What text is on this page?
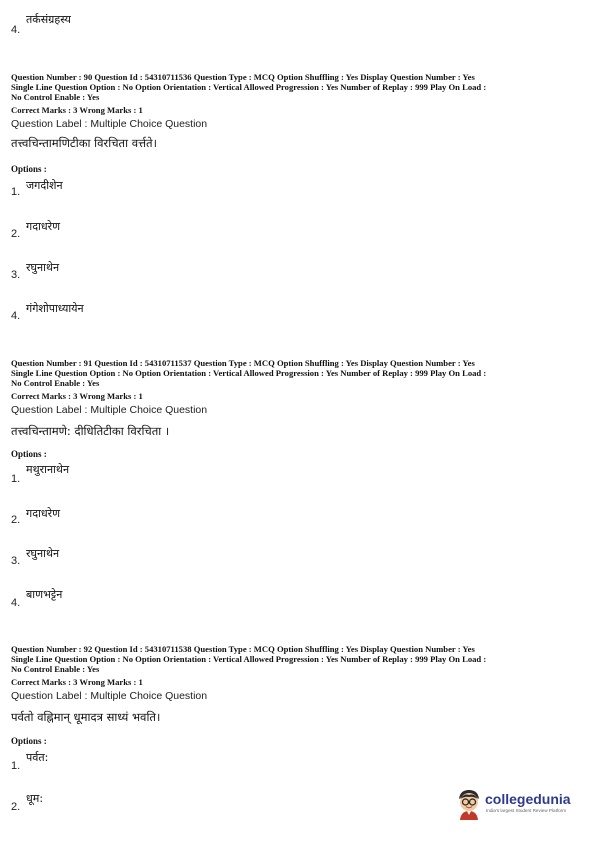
4.
तर्कसंग्रहस्य
Question Number : 90 Question Id : 54310711536 Question Type : MCQ Option Shuffling : Yes Display Question Number : Yes
Single Line Question Option : No Option Orientation : Vertical Allowed Progression : Yes Number of Replay : 999 Play On Load :
No Control Enable : Yes
Correct Marks : 3 Wrong Marks : 1
Question Label : Multiple Choice Question
तत्त्वचिन्तामणिटीका विरचिता वर्त्तते।
Options :
1. जगदीशेन
2.
गदाधरेण
3.
रघुनाथेन
4.
गंगेशोपाध्यायेन
Question Number : 91 Question Id : 54310711537 Question Type : MCQ Option Shuffling : Yes Display Question Number : Yes
Single Line Question Option : No Option Orientation : Vertical Allowed Progression : Yes Number of Replay : 999 Play On Load :
No Control Enable : Yes
Correct Marks : 3 Wrong Marks : 1
Question Label : Multiple Choice Question
तत्त्वचिन्तामणे: दीधितिटीका विरचिता ।
Options :
1.
मथुरानाथेन
2. गदाधरेण
3.
रघुनाथेन
4.
बाणभट्टेन
Question Number : 92 Question Id : 54310711538 Question Type : MCQ Option Shuffling : Yes Display Question Number : Yes
Single Line Question Option : No Option Orientation : Vertical Allowed Progression : Yes Number of Replay : 999 Play On Load :
No Control Enable : Yes
Correct Marks : 3 Wrong Marks : 1
Question Label : Multiple Choice Question
पर्वतो वह्निमान् धूमादत्र साध्यं भवति।
Options :
1.
पर्वत:
2.
धूम:	collegedunia
India's largest Student Review Platform
